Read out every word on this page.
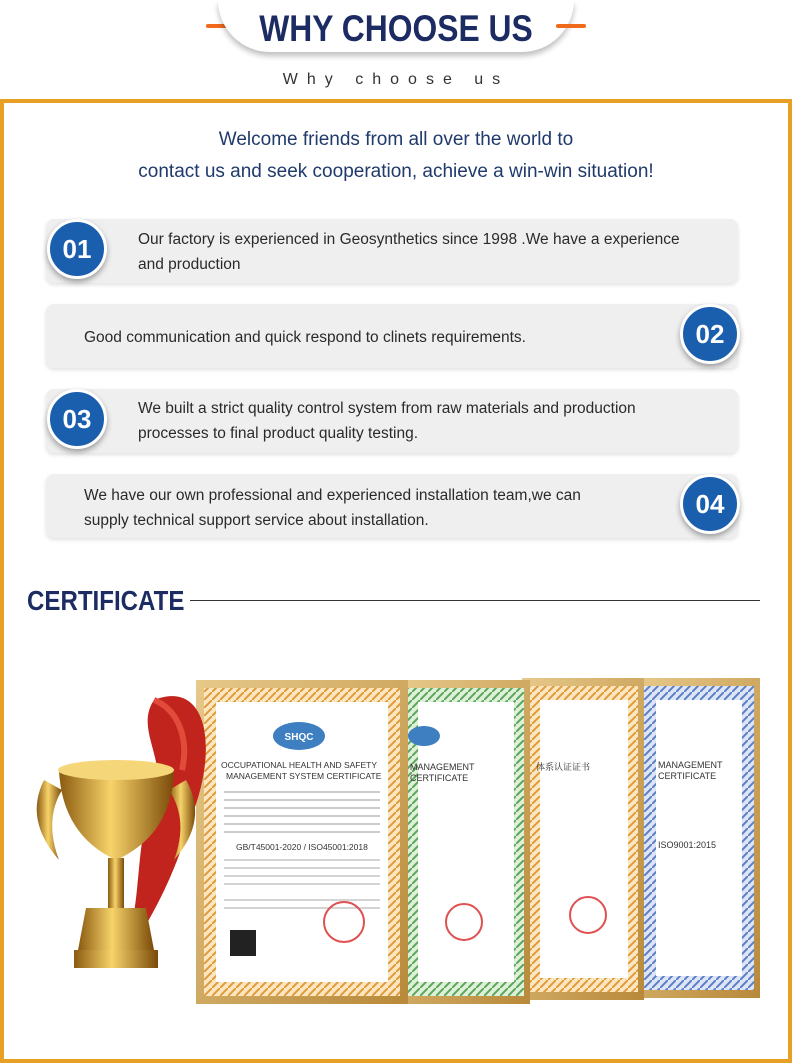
WHY CHOOSE US
Why choose us
Welcome friends from all over the world to
contact us and seek cooperation, achieve a win-win situation!
Our factory is experienced in Geosynthetics since 1998 .We have a experience
and production
01
Good communication and quick respond to clinets requirements.	02
We built a strict quality control system from raw materials and production
processes to final product quality testing.
03
We have our own professional and experienced installation team,we can
supply technical support service about installation.
04
CERTIFICATE
MANAGEMENT
CERTIFICATE
ISO9001:2015
体系认证证书
MANAGEMENT
CERTIFICATE
SHQC
OCCUPATIONAL HEALTH AND SAFETY
MANAGEMENT SYSTEM CERTIFICATE
GB/T45001-2020 / ISO45001:2018
